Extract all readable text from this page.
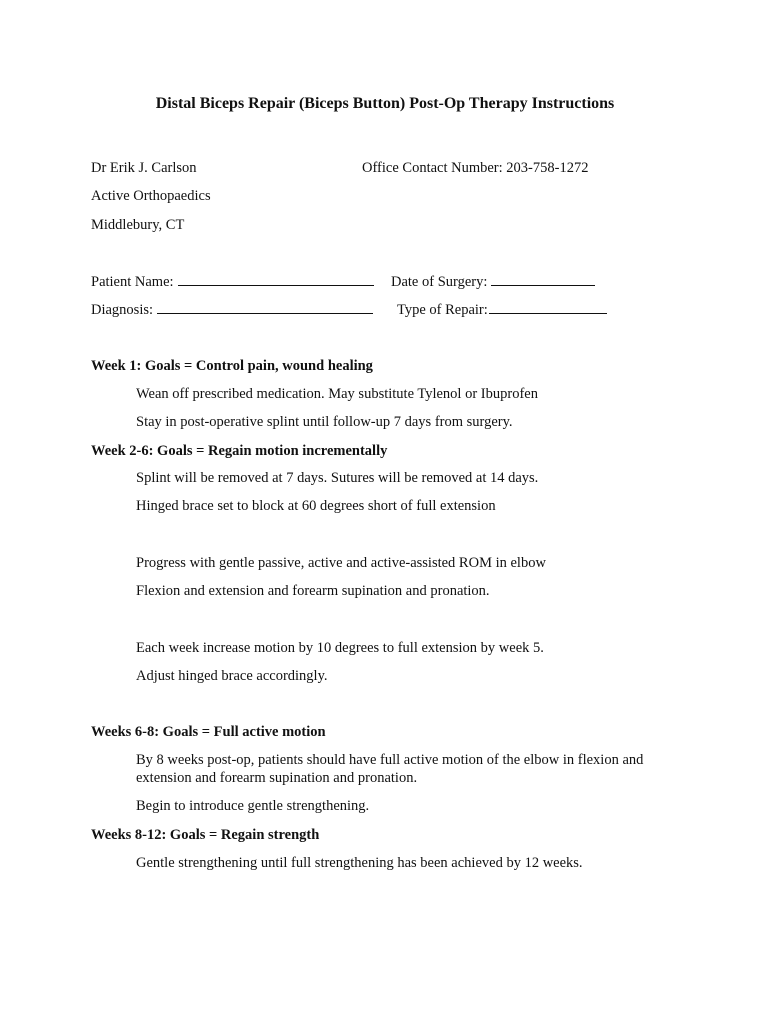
Distal Biceps Repair (Biceps Button) Post-Op Therapy Instructions
Dr Erik J. Carlson	Office Contact Number: 203-758-1272
Active Orthopaedics
Middlebury, CT
Patient Name:	Date of Surgery:
Diagnosis:	Type of Repair:
Week 1: Goals = Control pain, wound healing
Wean off prescribed medication. May substitute Tylenol or Ibuprofen
Stay in post-operative splint until follow-up 7 days from surgery.
Week 2-6: Goals = Regain motion incrementally
Splint will be removed at 7 days. Sutures will be removed at 14 days.
Hinged brace set to block at 60 degrees short of full extension
Progress with gentle passive, active and active-assisted ROM in elbow
Flexion and extension and forearm supination and pronation.
Each week increase motion by 10 degrees to full extension by week 5.
Adjust hinged brace accordingly.
Weeks 6-8: Goals = Full active motion
By 8 weeks post-op, patients should have full active motion of the elbow in flexion and extension and forearm supination and pronation.
Begin to introduce gentle strengthening.
Weeks 8-12: Goals = Regain strength
Gentle strengthening until full strengthening has been achieved by 12 weeks.
